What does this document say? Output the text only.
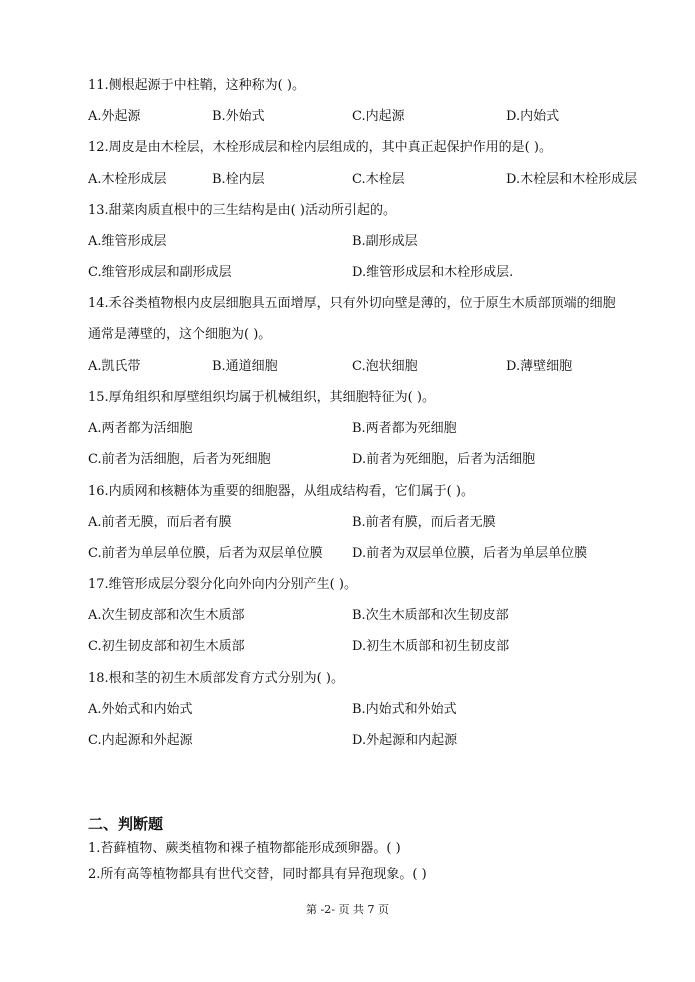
11.侧根起源于中柱鞘，这种称为( )。
A.外起源	B.外始式	C.内起源	D.内始式
12.周皮是由木栓层，木栓形成层和栓内层组成的，其中真正起保护作用的是( )。
A.木栓形成层	B.栓内层	C.木栓层	D.木栓层和木栓形成层
13.甜菜肉质直根中的三生结构是由( )活动所引起的。
A.维管形成层	B.副形成层
C.维管形成层和副形成层	D.维管形成层和木栓形成层.
14.禾谷类植物根内皮层细胞具五面增厚，只有外切向壁是薄的，位于原生木质部顶端的细胞
通常是薄壁的，这个细胞为( )。
A.凯氏带	B.通道细胞	C.泡状细胞	D.薄壁细胞
15.厚角组织和厚壁组织均属于机械组织，其细胞特征为( )。
A.两者都为活细胞	B.两者都为死细胞
C.前者为活细胞，后者为死细胞	D.前者为死细胞，后者为活细胞
16.内质网和核糖体为重要的细胞器，从组成结构看，它们属于( )。
A.前者无膜，而后者有膜	B.前者有膜，而后者无膜
C.前者为单层单位膜，后者为双层单位膜 D.前者为双层单位膜，后者为单层单位膜
17.维管形成层分裂分化向外向内分别产生( )。
A.次生韧皮部和次生木质部	B.次生木质部和次生韧皮部
C.初生韧皮部和初生木质部	D.初生木质部和初生韧皮部
18.根和茎的初生木质部发育方式分别为( )。
A.外始式和内始式	B.内始式和外始式
C.内起源和外起源	D.外起源和内起源
二、判断题
1.苔藓植物、蕨类植物和裸子植物都能形成颈卵器。( )
2.所有高等植物都具有世代交替，同时都具有异孢现象。( )
第 -2- 页 共 7 页
